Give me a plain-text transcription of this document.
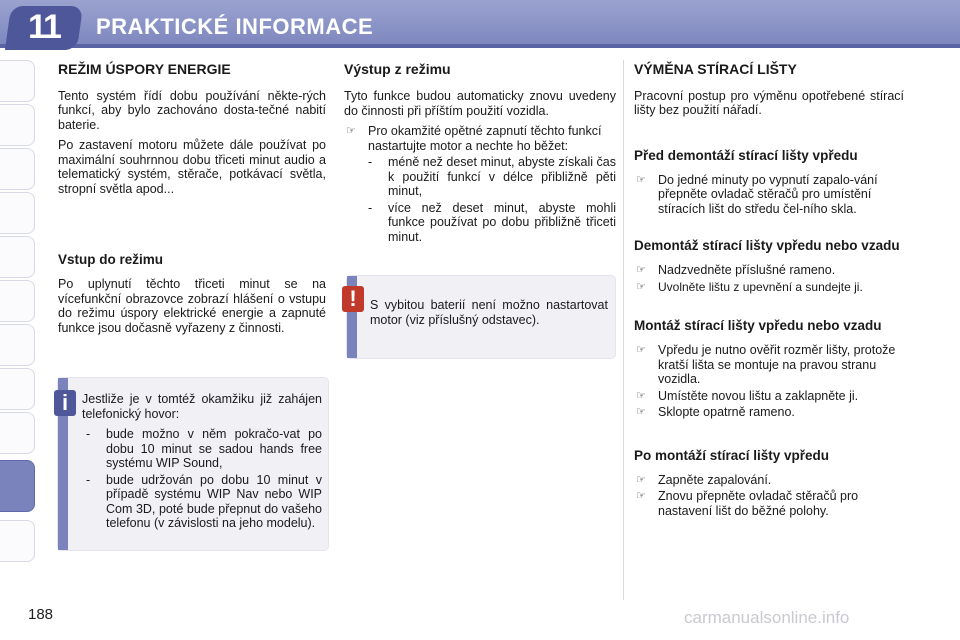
11	PRAKTICKÉ INFORMACE
REŽIM ÚSPORY ENERGIE

Tento systém řídí dobu používání někte-rých funkcí, aby bylo zachováno dosta-tečné nabití baterie.

Po zastavení motoru můžete dále používat po maximální souhrnnou dobu třiceti minut audio a telematický systém, stěrače, potkávací světla, stropní světla apod...

Vstup do režimu

Po uplynutí těchto třiceti minut se na vícefunkční obrazovce zobrazí hlášení o vstupu do režimu úspory elektrické energie a zapnuté funkce jsou dočasně vyřazeny z činnosti.

i	Jestliže je v tomtéž okamžiku již zahájen telefonický hovor:

- bude možno v něm pokračo-vat po dobu 10 minut se sadou hands free systému WIP Sound,
- bude udržován po dobu 10 minut v případě systému WIP Nav nebo WIP Com 3D, poté bude přepnut do vašeho telefonu (v závislosti na jeho modelu).
Výstup z režimu

Tyto funkce budou automaticky znovu uvedeny do činnosti při příštím použití vozidla.

☞ Pro okamžité opětné zapnutí těchto funkcí nastartujte motor a nechte ho běžet:
- méně než deset minut, abyste získali čas k použití funkcí v délce přibližně pěti minut,
- více než deset minut, abyste mohli funkce používat po dobu přibližně třiceti minut.
!	S vybitou baterií není možno nastartovat motor (viz příslušný odstavec).
VÝMĚNA STÍRACÍ LIŠTY

Pracovní postup pro výměnu opotřebené stírací lišty bez použití nářadí.

Před demontáží stírací lišty vpředu
☞ Do jedné minuty po vypnutí zapalo-vání přepněte ovladač stěračů pro umístění stíracích lišt do středu čel-ního skla.
Demontáž stírací lišty vpředu nebo vzadu
☞ Nadzvedněte příslušné rameno.
☞ Uvolněte lištu z upevnění a sundejte ji.
Montáž stírací lišty vpředu nebo vzadu
☞ Vpředu je nutno ověřit rozměr lišty, protože kratší lišta se montuje na pravou stranu vozidla.
☞ Umístěte novou lištu a zaklapněte ji.
☞ Sklopte opatrně rameno.
Po montáží stírací lišty vpředu
☞ Zapněte zapalování.
☞ Znovu přepněte ovladač stěračů pro nastavení lišt do běžné polohy.
188	carmanualsonline.info
